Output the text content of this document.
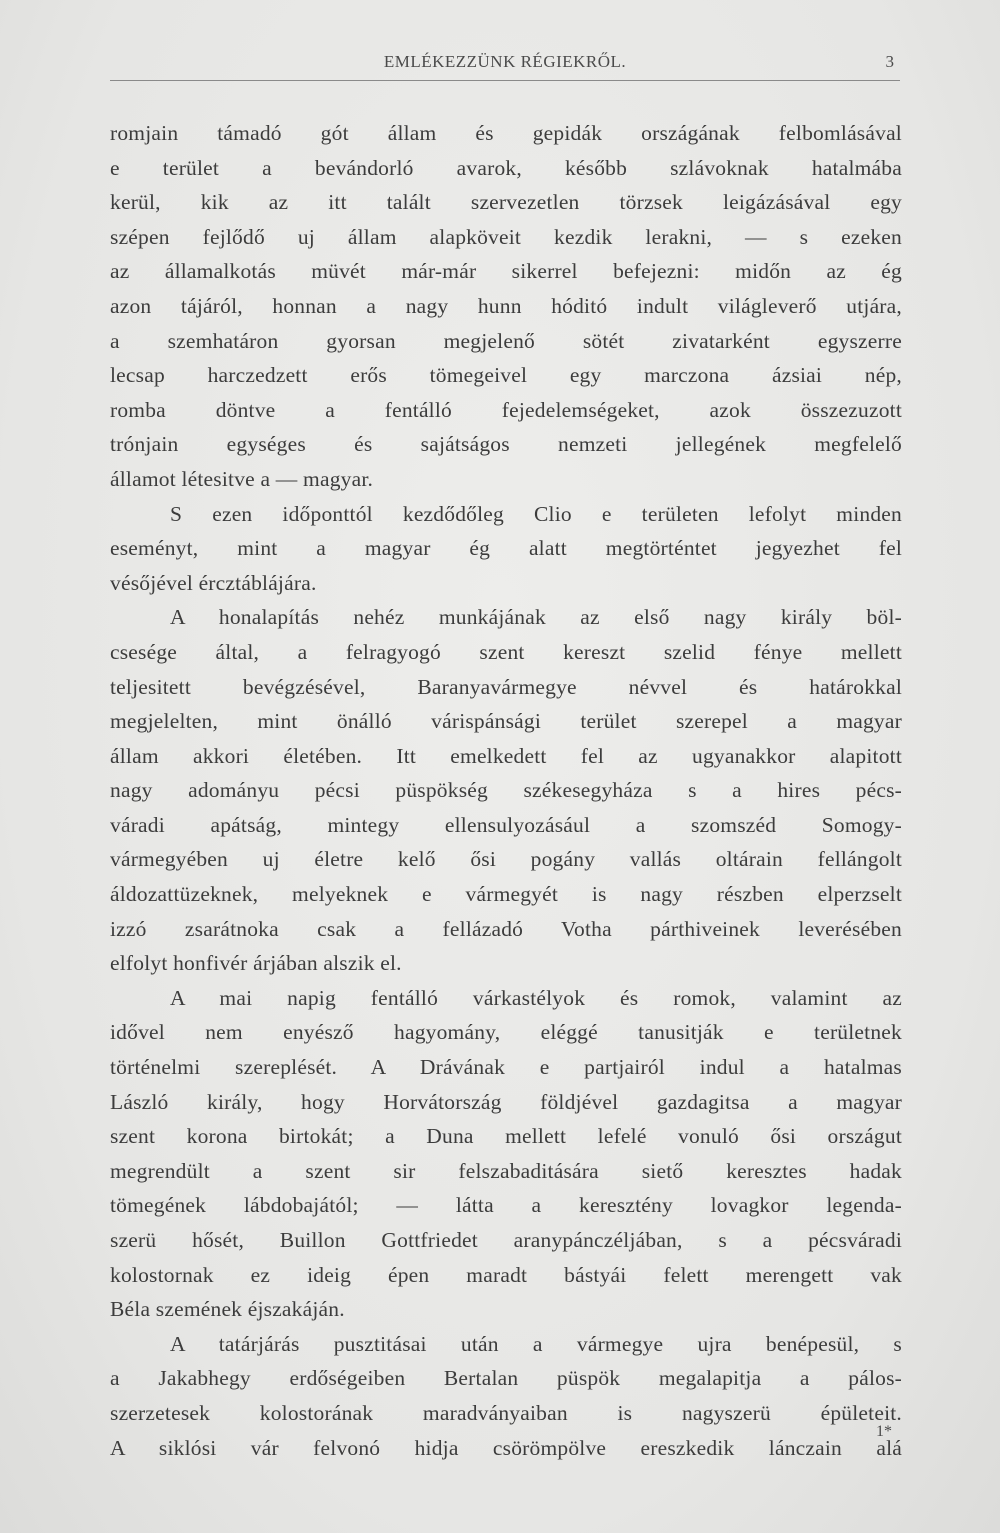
EMLÉKEZZÜNK RÉGIEKRŐL.	3
romjain támadó gót állam és gepidák országának felbomlásával
e terület a bevándorló avarok, később szlávoknak hatalmába
kerül, kik az itt talált szervezetlen törzsek leigázásával egy
szépen fejlődő uj állam alapköveit kezdik lerakni, — s ezeken
az államalkotás müvét már-már sikerrel befejezni: midőn az ég
azon tájáról, honnan a nagy hunn hóditó indult világleverő utjára,
a szemhatáron gyorsan megjelenő sötét zivatarként egyszerre
lecsap harczedzett erős tömegeivel egy marczona ázsiai nép,
romba döntve a fentálló fejedelemségeket, azok összezuzott
trónjain egységes és sajátságos nemzeti jellegének megfelelő
államot létesitve a — magyar.
S ezen időponttól kezdődőleg Clio e területen lefolyt minden
eseményt, mint a magyar ég alatt megtörténtet jegyezhet fel
vésőjével ércztáblájára.
A honalapítás nehéz munkájának az első nagy király böl-
csesége által, a felragyogó szent kereszt szelid fénye mellett
teljesitett bevégzésével, Baranyavármegye névvel és határokkal
megjelelten, mint önálló várispánsági terület szerepel a magyar
állam akkori életében. Itt emelkedett fel az ugyanakkor alapitott
nagy adományu pécsi püspökség székesegyháza s a hires pécs-
váradi apátság, mintegy ellensulyozásául a szomszéd Somogy-
vármegyében uj életre kelő ősi pogány vallás oltárain fellángolt
áldozattüzeknek, melyeknek e vármegyét is nagy részben elperzselt
izzó zsarátnoka csak a fellázadó Votha párthiveinek leverésében
elfolyt honfivér árjában alszik el.
A mai napig fentálló várkastélyok és romok, valamint az
idővel nem enyésző hagyomány, eléggé tanusitják e területnek
történelmi szereplését. A Drávának e partjairól indul a hatalmas
László király, hogy Horvátország földjével gazdagitsa a magyar
szent korona birtokát; a Duna mellett lefelé vonuló ősi országut
megrendült a szent sir felszabaditására siető keresztes hadak
tömegének lábdobajától; — látta a keresztény lovagkor legenda-
szerü hősét, Buillon Gottfriedet aranypánczéljában, s a pécsváradi
kolostornak ez ideig épen maradt bástyái felett merengett vak
Béla szemének éjszakáján.
A tatárjárás pusztitásai után a vármegye ujra benépesül, s
a Jakabhegy erdőségeiben Bertalan püspök megalapitja a pálos-
szerzetesek kolostorának maradványaiban is nagyszerü épületeit.
A siklósi vár felvonó hidja csörömpölve ereszkedik lánczain alá
1*
